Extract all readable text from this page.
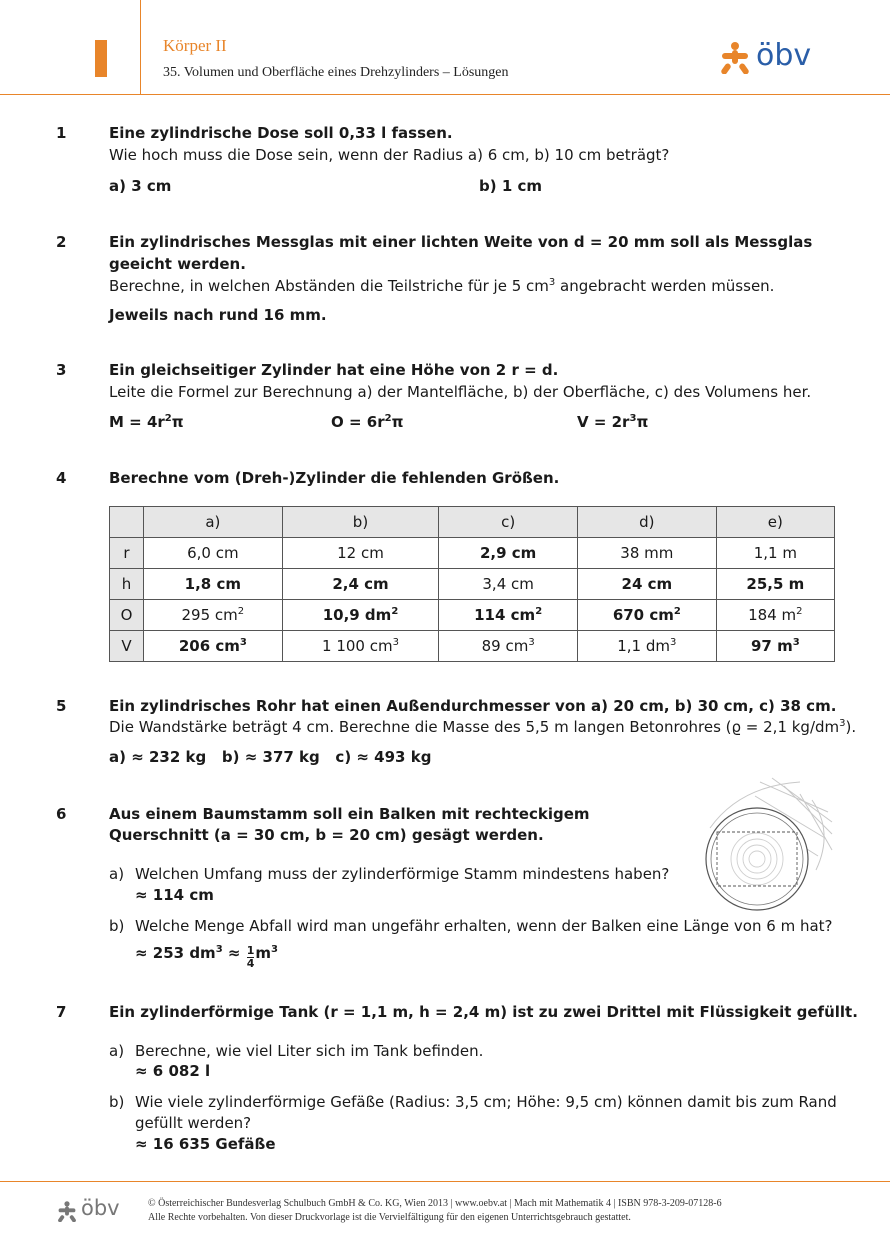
Körper II
35. Volumen und Oberfläche eines Drehzylinders – Lösungen	öbv
1	Eine zylindrische Dose soll 0,33 l fassen.
Wie hoch muss die Dose sein, wenn der Radius a) 6 cm, b) 10 cm beträgt?
a) 3 cm	b) 1 cm
2	Ein zylindrisches Messglas mit einer lichten Weite von d = 20 mm soll als Messglas
geeicht werden.
Berechne, in welchen Abständen die Teilstriche für je 5 $cm^3$ angebracht werden müssen.
Jeweils nach rund 16 mm.
3	Ein gleichseitiger Zylinder hat eine Höhe von 2 r = d.
Leite die Formel zur Berechnung a) der Mantelfläche, b) der Oberfläche, c) des Volumens her.
$M = 4r^2\pi$	$O = 6r^2\pi$	$V = 2r^3\pi$
4	Berechne vom (Dreh-)Zylinder die fehlenden Größen.
	a)	b)	c)	d)	e)
r	6,0 cm	12 cm	2,9 cm	38 mm	1,1 m
h	1,8 cm	2,4 cm	3,4 cm	24 cm	25,5 m
O	295 $cm^2$	10,9 $dm^2$	114 $cm^2$	670 $cm^2$	184 $m^2$
V	206 $cm^3$	1 100 $cm^3$	89 $cm^3$	1,1 $dm^3$	97 $m^3$
5	Ein zylindrisches Rohr hat einen Außendurchmesser von a) 20 cm, b) 30 cm, c) 38 cm.
Die Wandstärke beträgt 4 cm. Berechne die Masse des 5,5 m langen Betonrohres (ϱ = 2,1 $kg/dm^3$).
a) ≈ 232 kg   b) ≈ 377 kg   c) ≈ 493 kg
6	Aus einem Baumstamm soll ein Balken mit rechteckigem
Querschnitt (a = 30 cm, b = 20 cm) gesägt werden.
a) Welchen Umfang muss der zylinderförmige Stamm mindestens haben?
≈ 114 cm
b) Welche Menge Abfall wird man ungefähr erhalten, wenn der Balken eine Länge von 6 m hat?
≈ 253 $dm^3 \approx \frac{1}{4} m^3$
7	Ein zylinderförmige Tank (r = 1,1 m, h = 2,4 m) ist zu zwei Drittel mit Flüssigkeit gefüllt.
a) Berechne, wie viel Liter sich im Tank befinden.
≈ 6 082 l
b) Wie viele zylinderförmige Gefäße (Radius: 3,5 cm; Höhe: 9,5 cm) können damit bis zum Rand
gefüllt werden?
≈ 16 635 Gefäße
öbv	© Österreichischer Bundesverlag Schulbuch GmbH & Co. KG, Wien 2013 | www.oebv.at | Mach mit Mathematik 4 | ISBN 978-3-209-07128-6
Alle Rechte vorbehalten. Von dieser Druckvorlage ist die Vervielfältigung für den eigenen Unterrichtsgebrauch gestattet.
